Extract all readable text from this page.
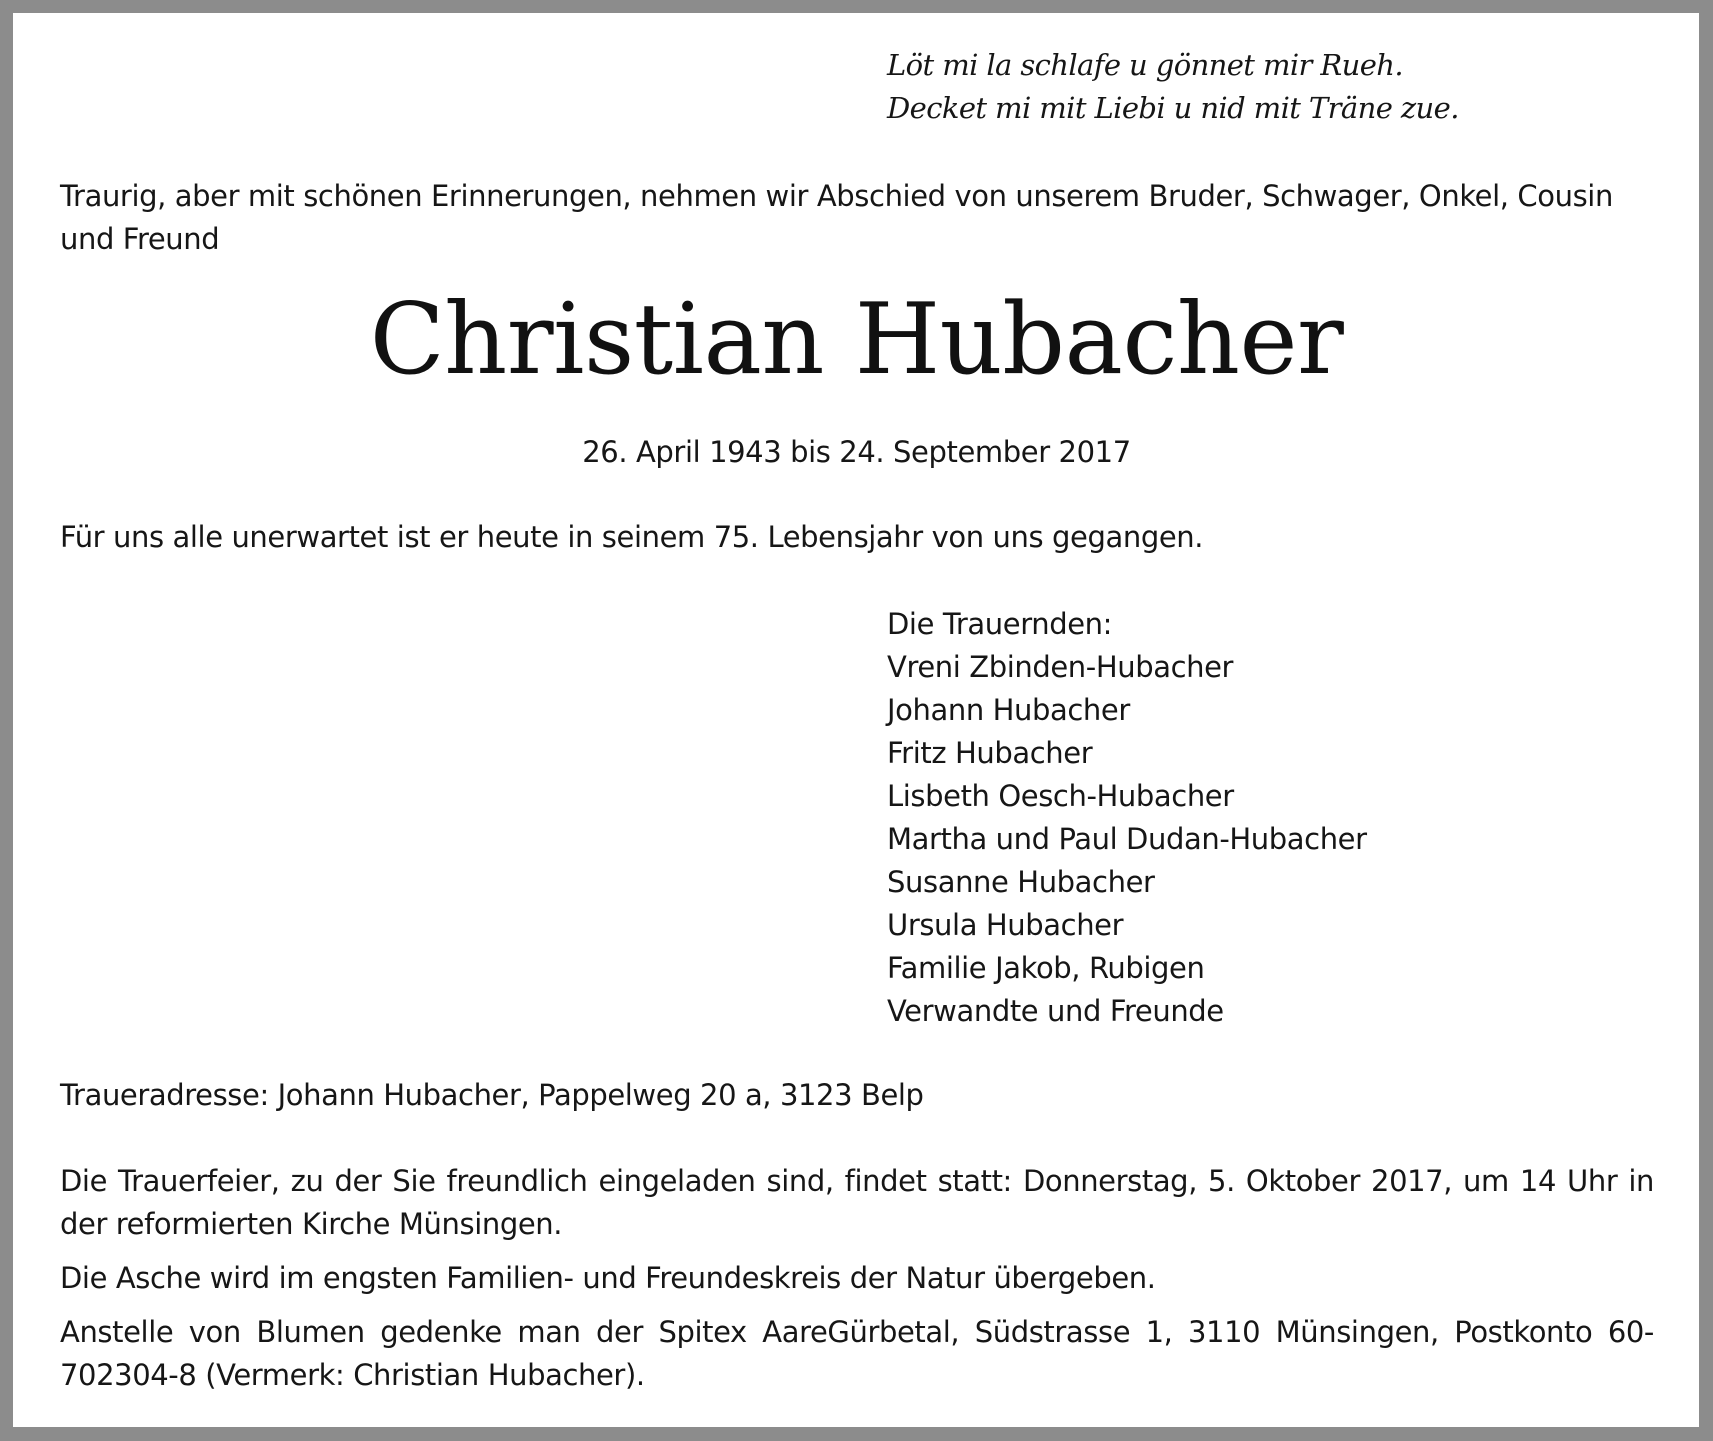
Löt mi la schlafe u gönnet mir Rueh.
Decket mi mit Liebi u nid mit Träne zue.
Traurig, aber mit schönen Erinnerungen, nehmen wir Abschied von unserem Bruder, Schwager, Onkel, Cousin und Freund
Christian Hubacher
26. April 1943 bis 24. September 2017
Für uns alle unerwartet ist er heute in seinem 75. Lebensjahr von uns gegangen.
Die Trauernden:
Vreni Zbinden-Hubacher
Johann Hubacher
Fritz Hubacher
Lisbeth Oesch-Hubacher
Martha und Paul Dudan-Hubacher
Susanne Hubacher
Ursula Hubacher
Familie Jakob, Rubigen
Verwandte und Freunde
Traueradresse: Johann Hubacher, Pappelweg 20 a, 3123 Belp
Die Trauerfeier, zu der Sie freundlich eingeladen sind, findet statt: Donnerstag, 5. Oktober 2017, um 14 Uhr in der reformierten Kirche Münsingen.
Die Asche wird im engsten Familien- und Freundeskreis der Natur übergeben.
Anstelle von Blumen gedenke man der Spitex AareGürbetal, Südstrasse 1, 3110 Münsingen, Postkonto 60-702304-8 (Vermerk: Christian Hubacher).
